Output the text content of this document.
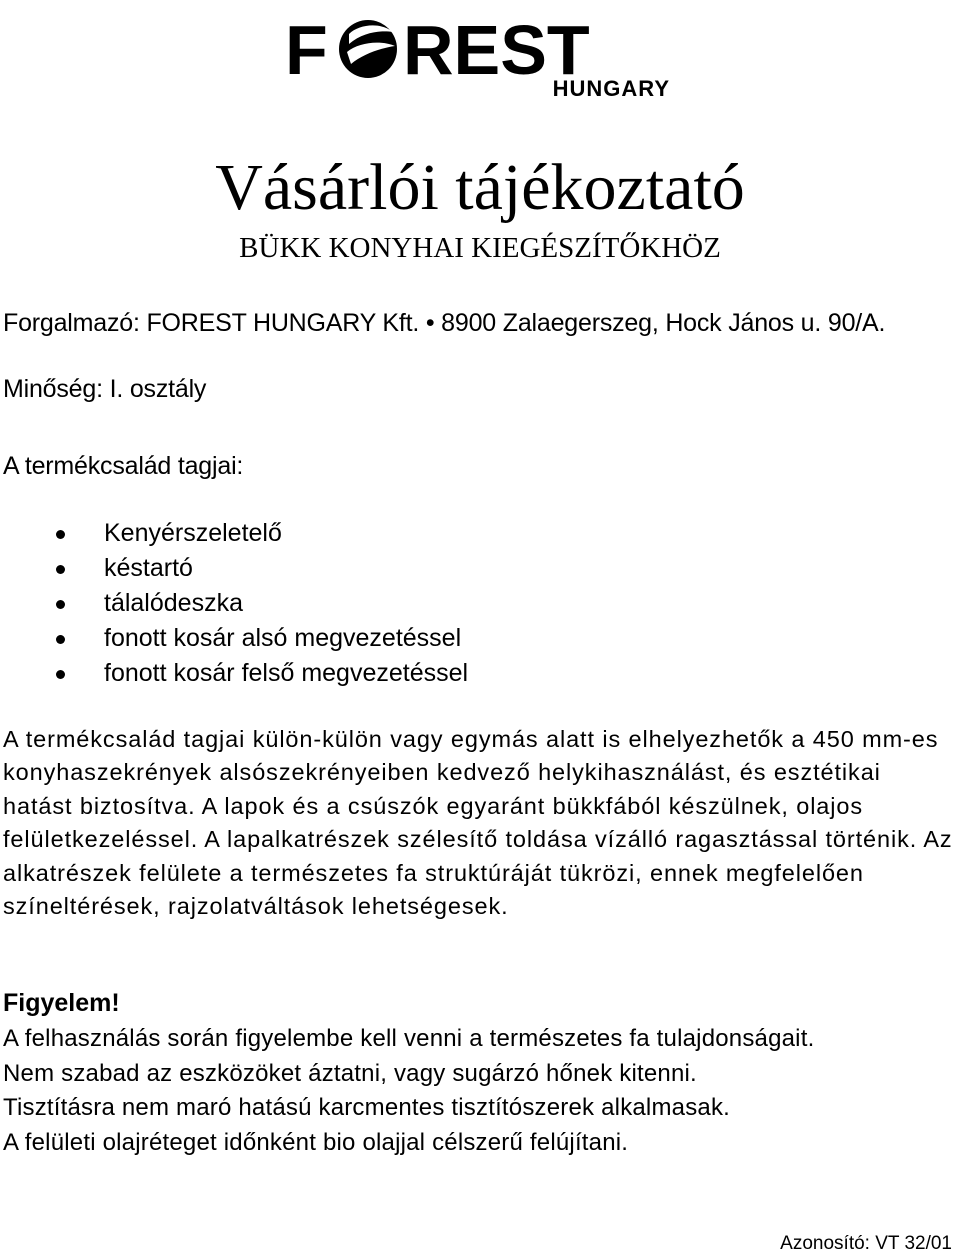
F REST
HUNGARY
Vásárlói tájékoztató
BÜKK KONYHAI KIEGÉSZÍTŐKHÖZ
Forgalmazó: FOREST HUNGARY Kft. • 8900 Zalaegerszeg, Hock János u. 90/A.
Minőség: I. osztály
A termékcsalád tagjai:
Kenyérszeletelő
késtartó
tálalódeszka
fonott kosár alsó megvezetéssel
fonott kosár felső megvezetéssel

A termékcsalád tagjai külön-külön vagy egymás alatt is elhelyezhetők a 450 mm-es konyhaszekrények alsószekrényeiben kedvező helykihasználást, és esztétikai hatást biztosítva. A lapok és a csúszók egyaránt bükkfából készülnek, olajos felületkezeléssel. A lapalkatrészek szélesítő toldása vízálló ragasztással történik. Az alkatrészek felülete a természetes fa struktúráját tükrözi, ennek megfelelően színeltérések, rajzolatváltások lehetségesek.

Figyelem!
A felhasználás során figyelembe kell venni a természetes fa tulajdonságait.
Nem szabad az eszközöket áztatni, vagy sugárzó hőnek kitenni.
Tisztításra nem maró hatású karcmentes tisztítószerek alkalmasak.
A felületi olajréteget időnként bio olajjal célszerű felújítani.
Azonosító: VT 32/01
